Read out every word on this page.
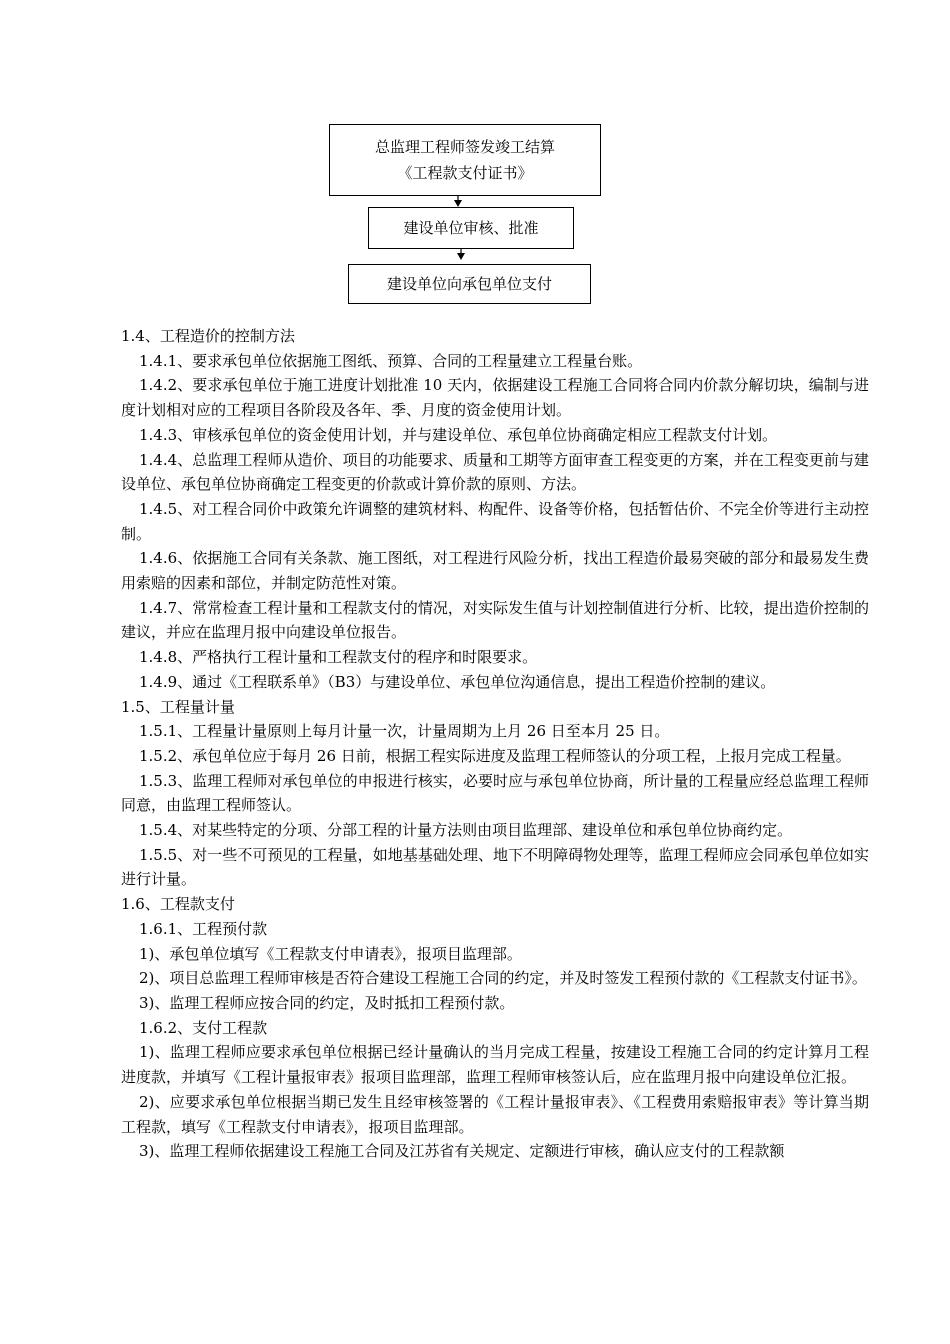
总监理工程师签发竣工结算
《工程款支付证书》
建设单位审核、批准
建设单位向承包单位支付

1.4、工程造价的控制方法

1.4.1、要求承包单位依据施工图纸、预算、合同的工程量建立工程量台账。

1.4.2、要求承包单位于施工进度计划批准 10 天内，依据建设工程施工合同将合同内价款分解切块，编制与进度计划相对应的工程项目各阶段及各年、季、月度的资金使用计划。

1.4.3、审核承包单位的资金使用计划，并与建设单位、承包单位协商确定相应工程款支付计划。

1.4.4、总监理工程师从造价、项目的功能要求、质量和工期等方面审查工程变更的方案，并在工程变更前与建设单位、承包单位协商确定工程变更的价款或计算价款的原则、方法。

1.4.5、对工程合同价中政策允许调整的建筑材料、构配件、设备等价格，包括暂估价、不完全价等进行主动控制。

1.4.6、依据施工合同有关条款、施工图纸，对工程进行风险分析，找出工程造价最易突破的部分和最易发生费用索赔的因素和部位，并制定防范性对策。

1.4.7、常常检查工程计量和工程款支付的情况，对实际发生值与计划控制值进行分析、比较，提出造价控制的建议，并应在监理月报中向建设单位报告。

1.4.8、严格执行工程计量和工程款支付的程序和时限要求。

1.4.9、通过《工程联系单》（B3）与建设单位、承包单位沟通信息，提出工程造价控制的建议。

1.5、工程量计量

1.5.1、工程量计量原则上每月计量一次，计量周期为上月 26 日至本月 25 日。

1.5.2、承包单位应于每月 26 日前，根据工程实际进度及监理工程师签认的分项工程，上报月完成工程量。

1.5.3、监理工程师对承包单位的申报进行核实，必要时应与承包单位协商，所计量的工程量应经总监理工程师同意，由监理工程师签认。

1.5.4、对某些特定的分项、分部工程的计量方法则由项目监理部、建设单位和承包单位协商约定。

1.5.5、对一些不可预见的工程量，如地基基础处理、地下不明障碍物处理等，监理工程师应会同承包单位如实进行计量。

1.6、工程款支付

1.6.1、工程预付款

1)、承包单位填写《工程款支付申请表》，报项目监理部。

2)、项目总监理工程师审核是否符合建设工程施工合同的约定，并及时签发工程预付款的《工程款支付证书》。

3)、监理工程师应按合同的约定，及时抵扣工程预付款。

1.6.2、支付工程款

1)、监理工程师应要求承包单位根据已经计量确认的当月完成工程量，按建设工程施工合同的约定计算月工程进度款，并填写《工程计量报审表》报项目监理部，监理工程师审核签认后，应在监理月报中向建设单位汇报。

2)、应要求承包单位根据当期已发生且经审核签署的《工程计量报审表》、《工程费用索赔报审表》等计算当期工程款，填写《工程款支付申请表》，报项目监理部。

3)、监理工程师依据建设工程施工合同及江苏省有关规定、定额进行审核，确认应支付的工程款额
